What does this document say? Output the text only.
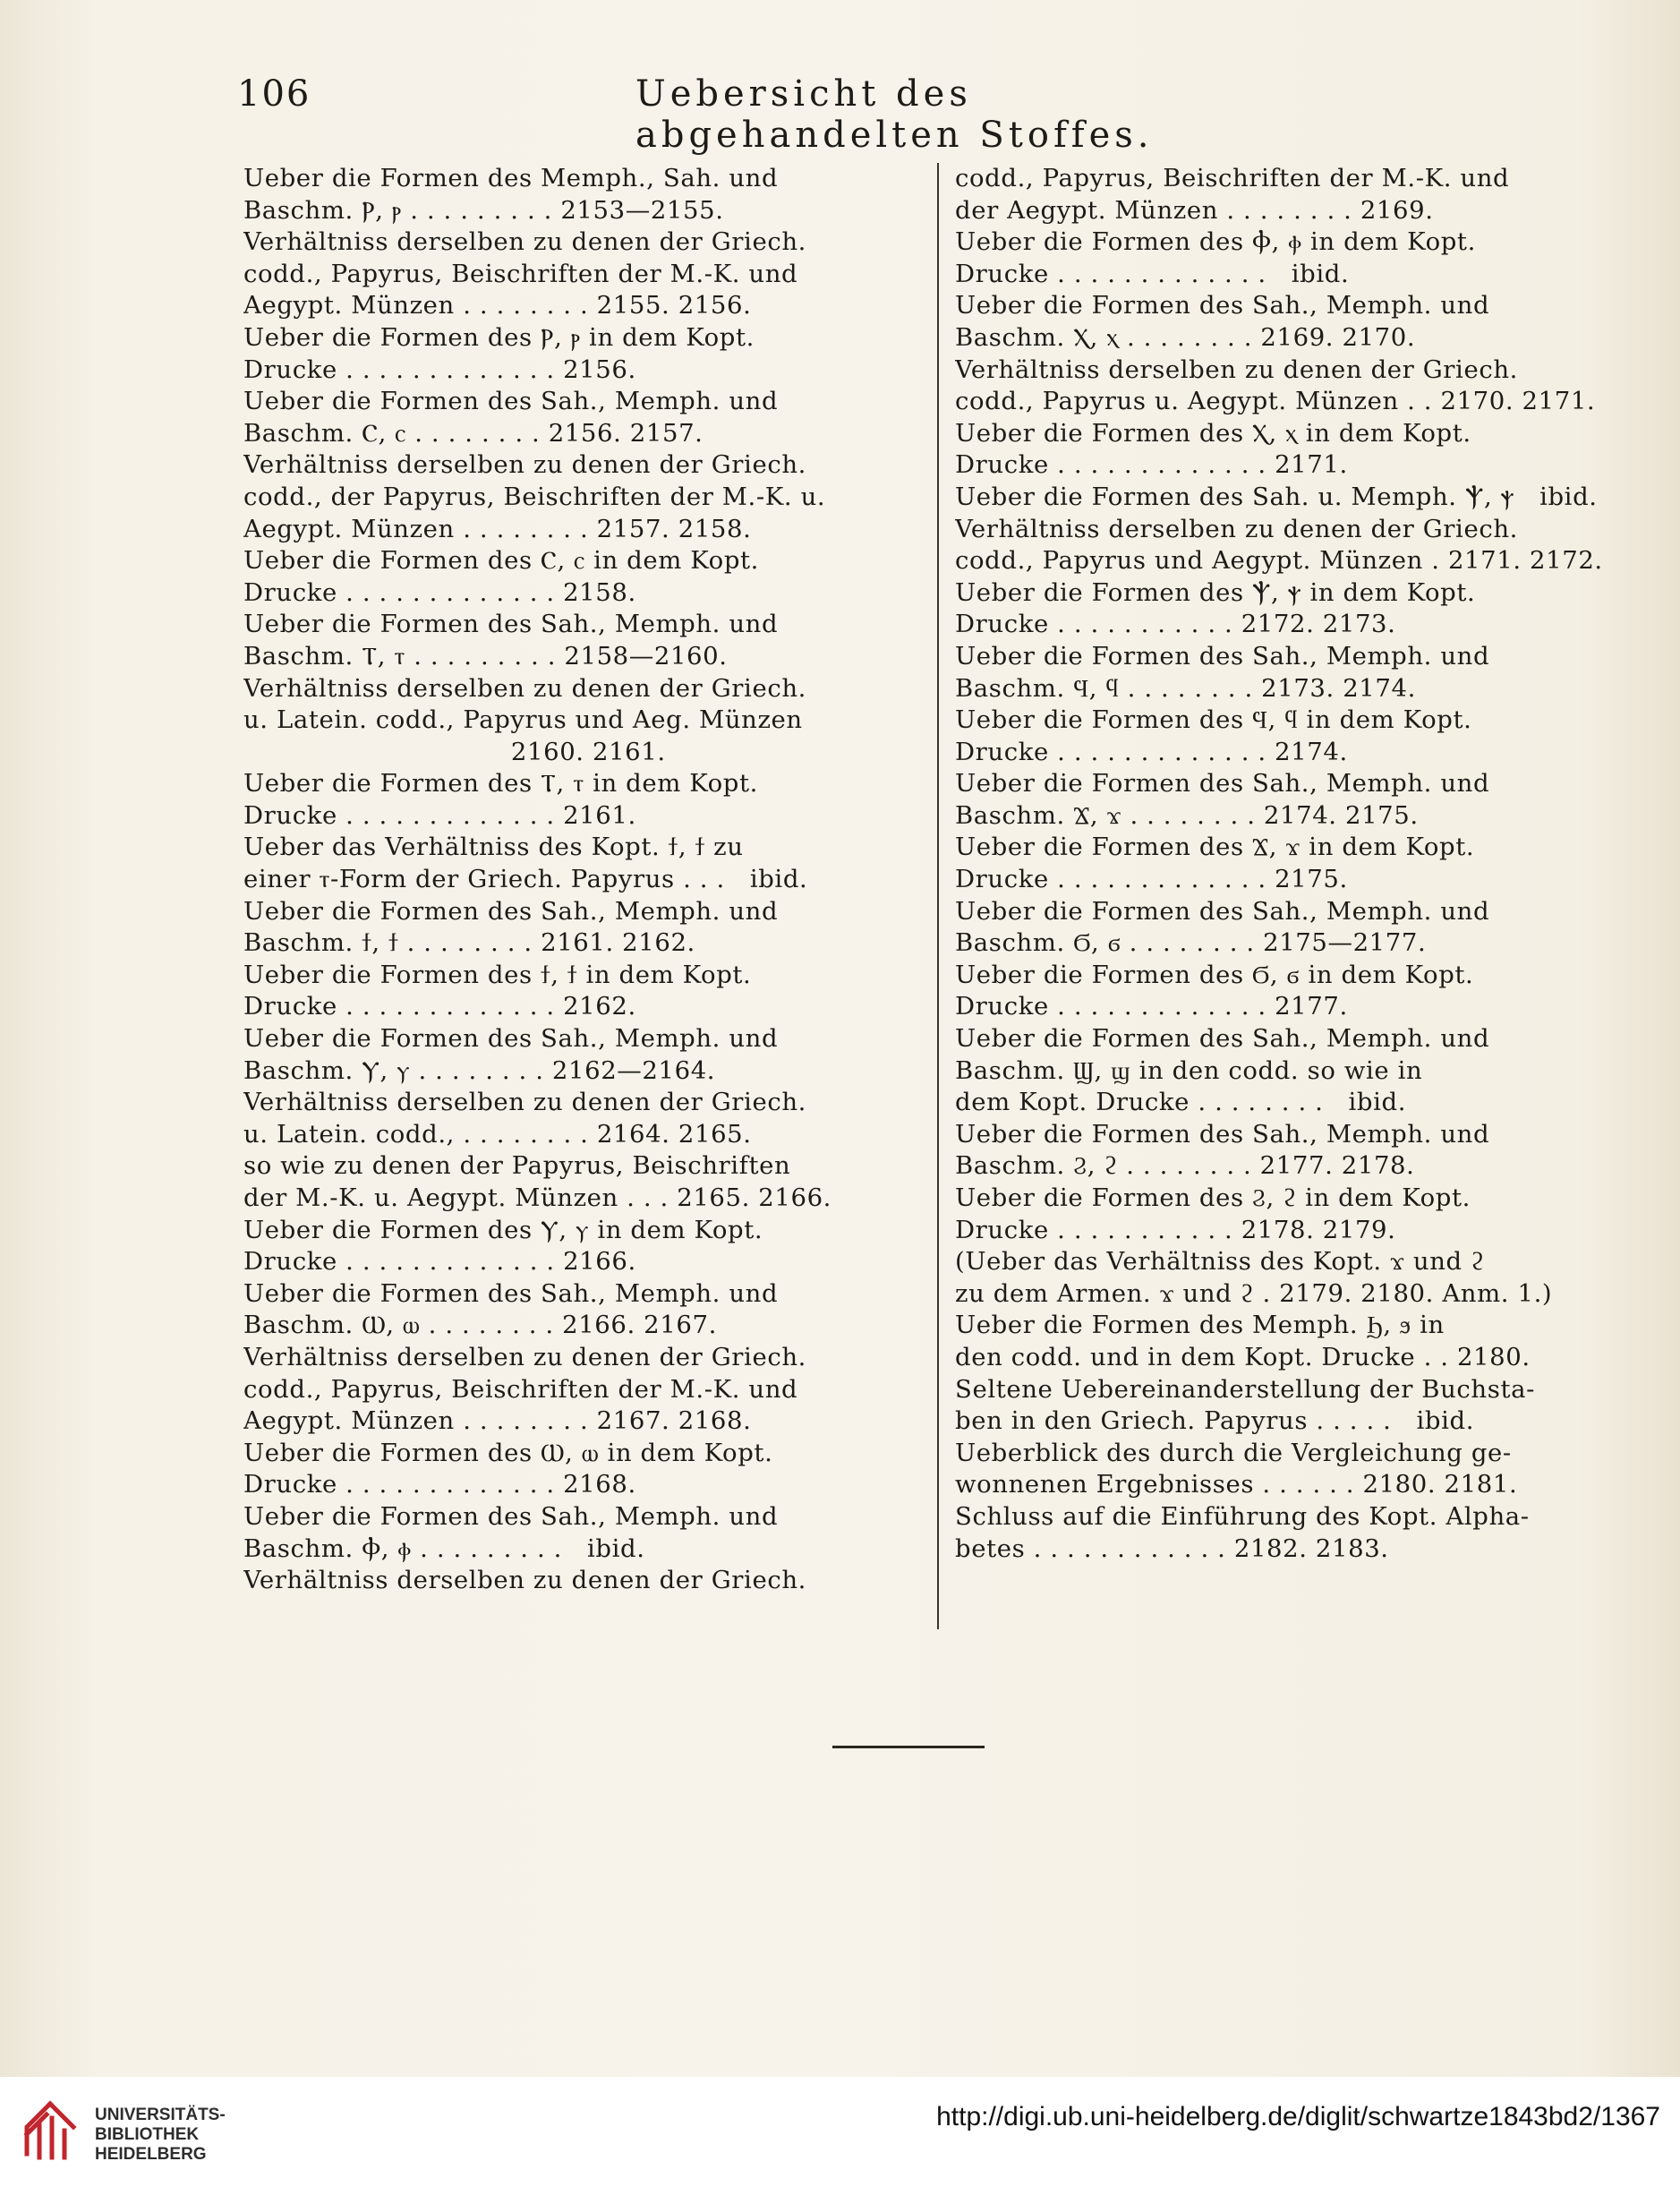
106	Uebersicht des abgehandelten Stoffes.
Ueber die Formen des Memph., Sah. und
Baschm. Ⲣ, ⲣ . . . . . . . . . 2153—2155.
Verhältniss derselben zu denen der Griech.
codd., Papyrus, Beischriften der M.-K. und
Aegypt. Münzen . . . . . . . . 2155. 2156.
Ueber die Formen des Ⲣ, ⲣ in dem Kopt.
Drucke . . . . . . . . . . . . . 2156.
Ueber die Formen des Sah., Memph. und
Baschm. Ⲥ, ⲥ . . . . . . . . 2156. 2157.
Verhältniss derselben zu denen der Griech.
codd., der Papyrus, Beischriften der M.-K. u.
Aegypt. Münzen . . . . . . . . 2157. 2158.
Ueber die Formen des Ⲥ, ⲥ in dem Kopt.
Drucke . . . . . . . . . . . . . 2158.
Ueber die Formen des Sah., Memph. und
Baschm. Ⲧ, ⲧ . . . . . . . . . 2158—2160.
Verhältniss derselben zu denen der Griech.
u. Latein. codd., Papyrus und Aeg. Münzen
2160. 2161.
Ueber die Formen des Ⲧ, ⲧ in dem Kopt.
Drucke . . . . . . . . . . . . . 2161.
Ueber das Verhältniss des Kopt. ϯ, ϯ zu
einer ⲧ-Form der Griech. Papyrus . . .   ibid.
Ueber die Formen des Sah., Memph. und
Baschm. ϯ, ϯ . . . . . . . . 2161. 2162.
Ueber die Formen des ϯ, ϯ in dem Kopt.
Drucke . . . . . . . . . . . . . 2162.
Ueber die Formen des Sah., Memph. und
Baschm. Ⲩ, ⲩ . . . . . . . . 2162—2164.
Verhältniss derselben zu denen der Griech.
u. Latein. codd., . . . . . . . . 2164. 2165.
so wie zu denen der Papyrus, Beischriften
der M.-K. u. Aegypt. Münzen . . . 2165. 2166.
Ueber die Formen des Ⲩ, ⲩ in dem Kopt.
Drucke . . . . . . . . . . . . . 2166.
Ueber die Formen des Sah., Memph. und
Baschm. Ⲱ, ⲱ . . . . . . . . 2166. 2167.
Verhältniss derselben zu denen der Griech.
codd., Papyrus, Beischriften der M.-K. und
Aegypt. Münzen . . . . . . . . 2167. 2168.
Ueber die Formen des Ⲱ, ⲱ in dem Kopt.
Drucke . . . . . . . . . . . . . 2168.
Ueber die Formen des Sah., Memph. und
Baschm. Ⲫ, ⲫ . . . . . . . . .   ibid.
Verhältniss derselben zu denen der Griech.
codd., Papyrus, Beischriften der M.-K. und
der Aegypt. Münzen . . . . . . . . 2169.
Ueber die Formen des Ⲫ, ⲫ in dem Kopt.
Drucke . . . . . . . . . . . . .   ibid.
Ueber die Formen des Sah., Memph. und
Baschm. Ⲭ, ⲭ . . . . . . . . 2169. 2170.
Verhältniss derselben zu denen der Griech.
codd., Papyrus u. Aegypt. Münzen . . 2170. 2171.
Ueber die Formen des Ⲭ, ⲭ in dem Kopt.
Drucke . . . . . . . . . . . . . 2171.
Ueber die Formen des Sah. u. Memph. Ⲯ, ⲯ   ibid.
Verhältniss derselben zu denen der Griech.
codd., Papyrus und Aegypt. Münzen . 2171. 2172.
Ueber die Formen des Ⲯ, ⲯ in dem Kopt.
Drucke . . . . . . . . . . . 2172. 2173.
Ueber die Formen des Sah., Memph. und
Baschm. Ϥ, ϥ . . . . . . . . 2173. 2174.
Ueber die Formen des Ϥ, ϥ in dem Kopt.
Drucke . . . . . . . . . . . . . 2174.
Ueber die Formen des Sah., Memph. und
Baschm. Ϫ, ϫ . . . . . . . . 2174. 2175.
Ueber die Formen des Ϫ, ϫ in dem Kopt.
Drucke . . . . . . . . . . . . . 2175.
Ueber die Formen des Sah., Memph. und
Baschm. Ϭ, ϭ . . . . . . . . 2175—2177.
Ueber die Formen des Ϭ, ϭ in dem Kopt.
Drucke . . . . . . . . . . . . . 2177.
Ueber die Formen des Sah., Memph. und
Baschm. Ϣ, ϣ in den codd. so wie in
dem Kopt. Drucke . . . . . . . .   ibid.
Ueber die Formen des Sah., Memph. und
Baschm. Ϩ, ϩ . . . . . . . . 2177. 2178.
Ueber die Formen des Ϩ, ϩ in dem Kopt.
Drucke . . . . . . . . . . . 2178. 2179.
(Ueber das Verhältniss des Kopt. ϫ und ϩ
zu dem Armen. ϫ und ϩ . 2179. 2180. Anm. 1.)
Ueber die Formen des Memph. Ϧ, ϧ in
den codd. und in dem Kopt. Drucke . . 2180.
Seltene Uebereinanderstellung der Buchsta-
ben in den Griech. Papyrus . . . . .   ibid.
Ueberblick des durch die Vergleichung ge-
wonnenen Ergebnisses . . . . . . 2180. 2181.
Schluss auf die Einführung des Kopt. Alpha-
betes . . . . . . . . . . . . 2182. 2183.
UNIVERSITÄTS-
BIBLIOTHEK
HEIDELBERG
http://digi.ub.uni-heidelberg.de/diglit/schwartze1843bd2/1367
